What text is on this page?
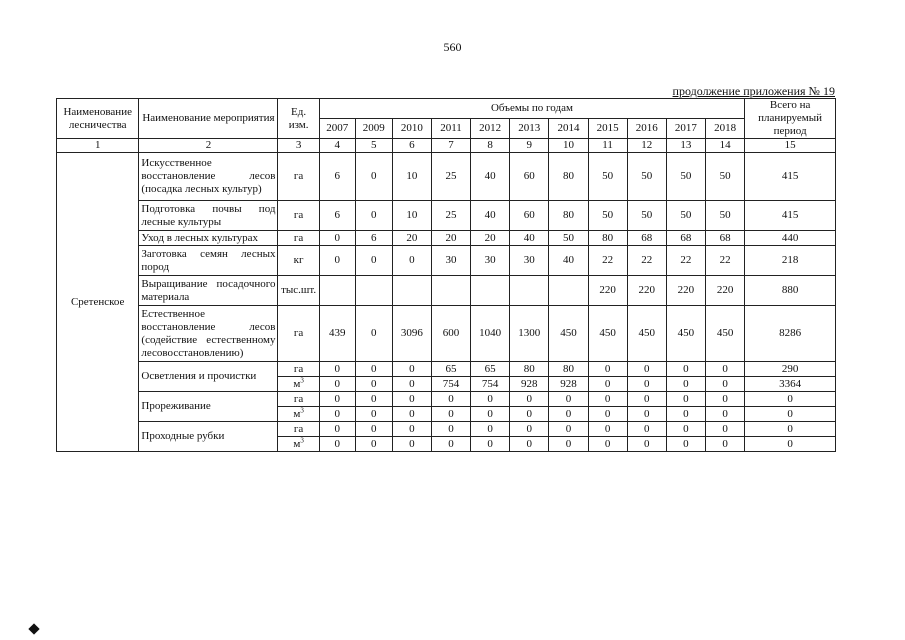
560
продолжение приложения № 19
Наименование лесничества	Наименование мероприятия	Ед. изм.	Объемы по годам											Всего на планируемый период
			2007	2009	2010	2011	2012	2013	2014	2015	2016	2017	2018	
1	2	3	4	5	6	7	8	9	10	11	12	13	14	15
Сретенское	Искусственное восстановление лесов (посадка лесных культур)	га	6	0	10	25	40	60	80	50	50	50	50	415
	Подготовка почвы под лесные культуры	га	6	0	10	25	40	60	80	50	50	50	50	415
	Уход в лесных культурах	га	0	6	20	20	20	40	50	80	68	68	68	440
	Заготовка семян лесных пород	кг	0	0	0	30	30	30	40	22	22	22	22	218
	Выращивание посадочного материала	тыс.шт.								220	220	220	220	880
	Естественное восстановление лесов (содействие естественному лесовосстановлению)	га	439	0	3096	600	1040	1300	450	450	450	450	450	8286
	Осветления и прочистки	га	0	0	0	65	65	80	80	0	0	0	0	290
		$м^3$	0	0	0	754	754	928	928	0	0	0	0	3364
	Прореживание	га	0	0	0	0	0	0	0	0	0	0	0	0
		$м^3$	0	0	0	0	0	0	0	0	0	0	0	0
	Проходные рубки	га	0	0	0	0	0	0	0	0	0	0	0	0
		$м^3$	0	0	0	0	0	0	0	0	0	0	0	0
